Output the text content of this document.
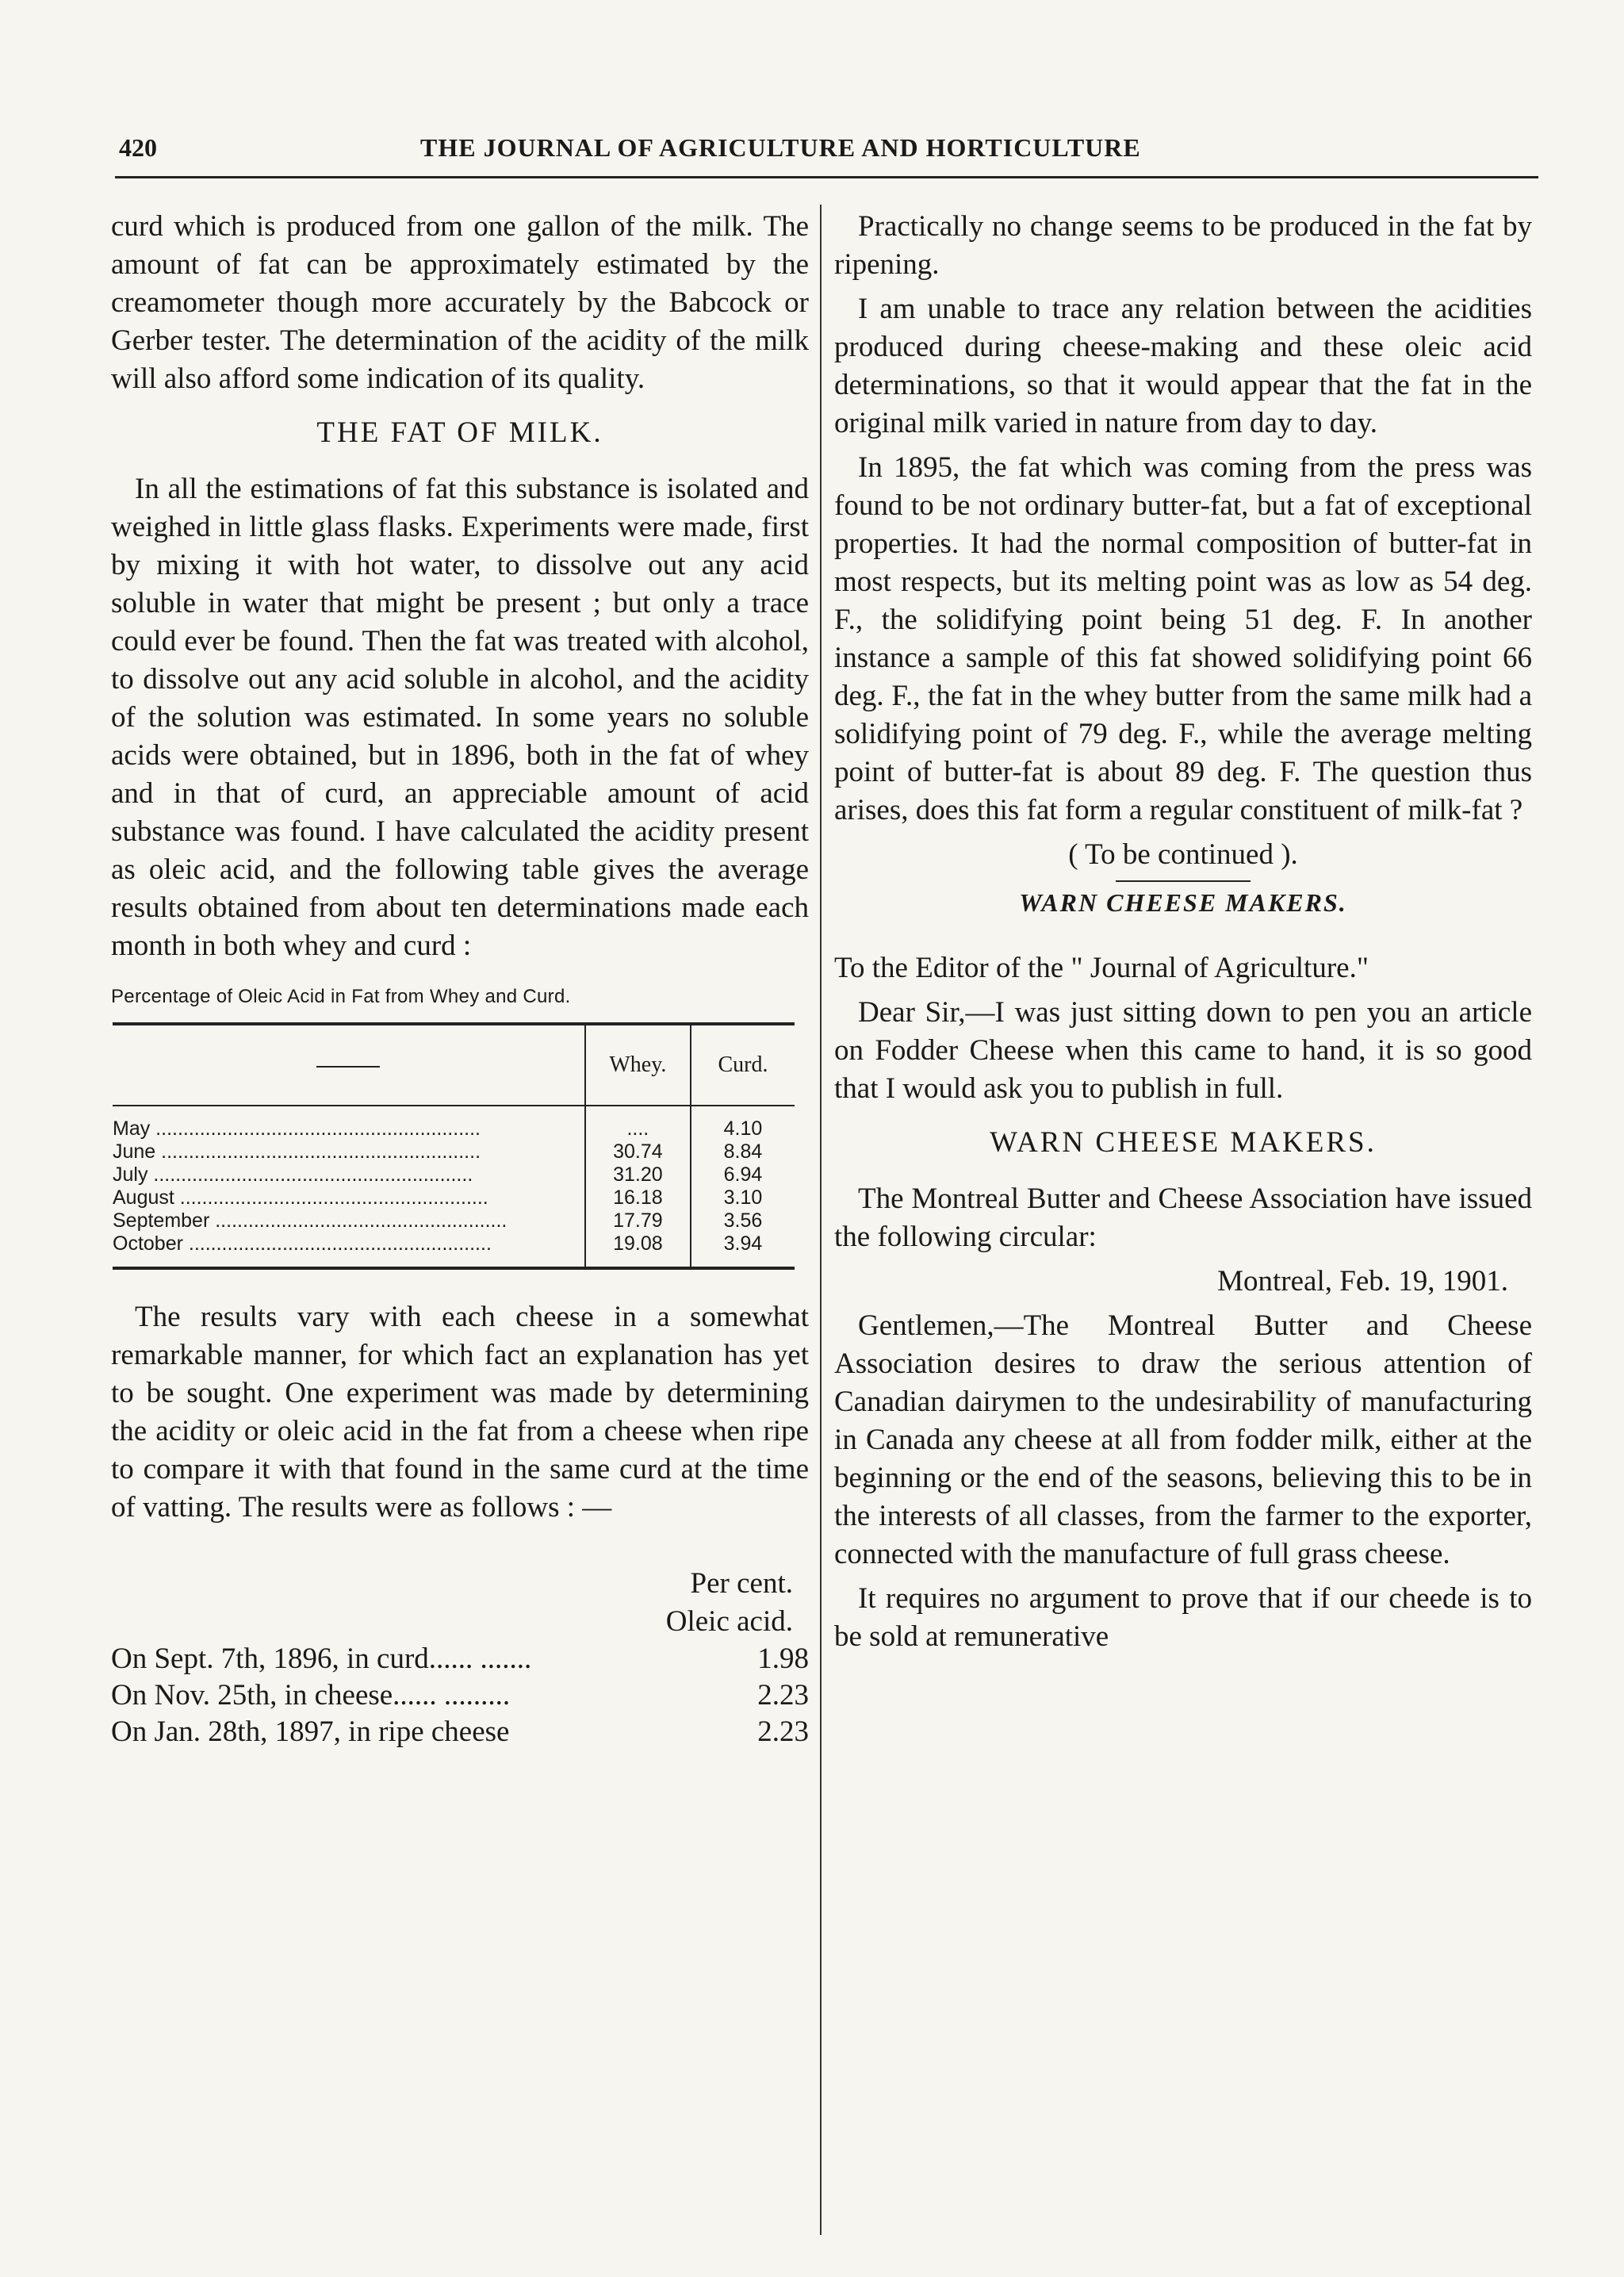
420	THE JOURNAL OF AGRICULTURE AND HORTICULTURE

curd which is produced from one gallon of the milk. The amount of fat can be approximately estimated by the creamometer though more accurately by the Babcock or Gerber tester. The determination of the acidity of the milk will also afford some indication of its quality.

THE FAT OF MILK.

In all the estimations of fat this substance is isolated and weighed in little glass flasks. Experiments were made, first by mixing it with hot water, to dissolve out any acid soluble in water that might be present ; but only a trace could ever be found. Then the fat was treated with alcohol, to dissolve out any acid soluble in alcohol, and the acidity of the solution was estimated. In some years no soluble acids were obtained, but in 1896, both in the fat of whey and in that of curd, an appreciable amount of acid substance was found. I have calculated the acidity present as oleic acid, and the following table gives the average results obtained from about ten determinations made each month in both whey and curd :

Percentage of Oleic Acid in Fat from Whey and Curd.
	Whey.	Curd.
May ...........................................................	....	4.10
June ..........................................................	30.74	8.84
July ..........................................................	31.20	6.94
August ........................................................	16.18	3.10
September .....................................................	17.79	3.56
October .......................................................	19.08	3.94

The results vary with each cheese in a somewhat remarkable manner, for which fact an explanation has yet to be sought. One experiment was made by determining the acidity or oleic acid in the fat from a cheese when ripe to compare it with that found in the same curd at the time of vatting. The results were as follows : —

Per cent.
Oleic acid.
On Sept. 7th, 1896, in curd...... .......	1.98
On Nov. 25th, in cheese...... .........	2.23
On Jan. 28th, 1897, in ripe cheese	2.23

Practically no change seems to be produced in the fat by ripening.

I am unable to trace any relation between the acidities produced during cheese-making and these oleic acid determinations, so that it would appear that the fat in the original milk varied in nature from day to day.

In 1895, the fat which was coming from the press was found to be not ordinary butter-fat, but a fat of exceptional properties. It had the normal composition of butter-fat in most respects, but its melting point was as low as 54 deg. F., the solidifying point being 51 deg. F. In another instance a sample of this fat showed solidifying point 66 deg. F., the fat in the whey butter from the same milk had a solidifying point of 79 deg. F., while the average melting point of butter-fat is about 89 deg. F. The question thus arises, does this fat form a regular constituent of milk-fat ?

( To be continued ).

WARN CHEESE MAKERS.

To the Editor of the " Journal of Agriculture."

Dear Sir,—I was just sitting down to pen you an article on Fodder Cheese when this came to hand, it is so good that I would ask you to publish in full.

WARN CHEESE MAKERS.

The Montreal Butter and Cheese Association have issued the following circular:

Montreal, Feb. 19, 1901.

Gentlemen,—The Montreal Butter and Cheese Association desires to draw the serious attention of Canadian dairymen to the undesirability of manufacturing in Canada any cheese at all from fodder milk, either at the beginning or the end of the seasons, believing this to be in the interests of all classes, from the farmer to the exporter, connected with the manufacture of full grass cheese.

It requires no argument to prove that if our cheede is to be sold at remunerative
